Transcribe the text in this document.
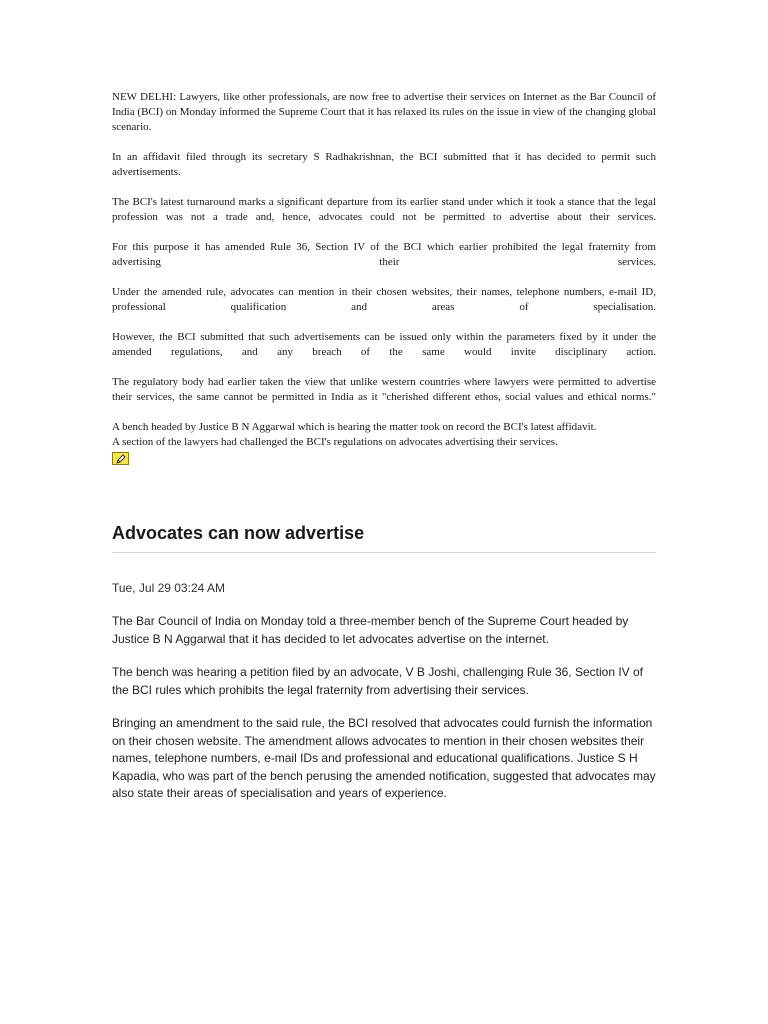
NEW DELHI: Lawyers, like other professionals, are now free to advertise their services on Internet as the Bar Council of India (BCI) on Monday informed the Supreme Court that it has relaxed its rules on the issue in view of the changing global scenario.

In an affidavit filed through its secretary S Radhakrishnan, the BCI submitted that it has decided to permit such advertisements.

The BCI's latest turnaround marks a significant departure from its earlier stand under which it took a stance that the legal profession was not a trade and, hence, advocates could not be permitted to advertise about their services.

For this purpose it has amended Rule 36, Section IV of the BCI which earlier prohibited the legal fraternity from advertising their services.

Under the amended rule, advocates can mention in their chosen websites, their names, telephone numbers, e-mail ID, professional qualification and areas of specialisation.

However, the BCI submitted that such advertisements can be issued only within the parameters fixed by it under the amended regulations, and any breach of the same would invite disciplinary action.

The regulatory body had earlier taken the view that unlike western countries where lawyers were permitted to advertise their services, the same cannot be permitted in India as it "cherished different ethos, social values and ethical norms."

A bench headed by Justice B N Aggarwal which is hearing the matter took on record the BCI's latest affidavit.

A section of the lawyers had challenged the BCI's regulations on advocates advertising their services.

Advocates can now advertise
Tue, Jul 29 03:24 AM

The Bar Council of India on Monday told a three-member bench of the Supreme Court headed by Justice B N Aggarwal that it has decided to let advocates advertise on the internet.

The bench was hearing a petition filed by an advocate, V B Joshi, challenging Rule 36, Section IV of the BCI rules which prohibits the legal fraternity from advertising their services.

Bringing an amendment to the said rule, the BCI resolved that advocates could furnish the information on their chosen website. The amendment allows advocates to mention in their chosen websites their names, telephone numbers, e-mail IDs and professional and educational qualifications. Justice S H Kapadia, who was part of the bench perusing the amended notification, suggested that advocates may also state their areas of specialisation and years of experience.
